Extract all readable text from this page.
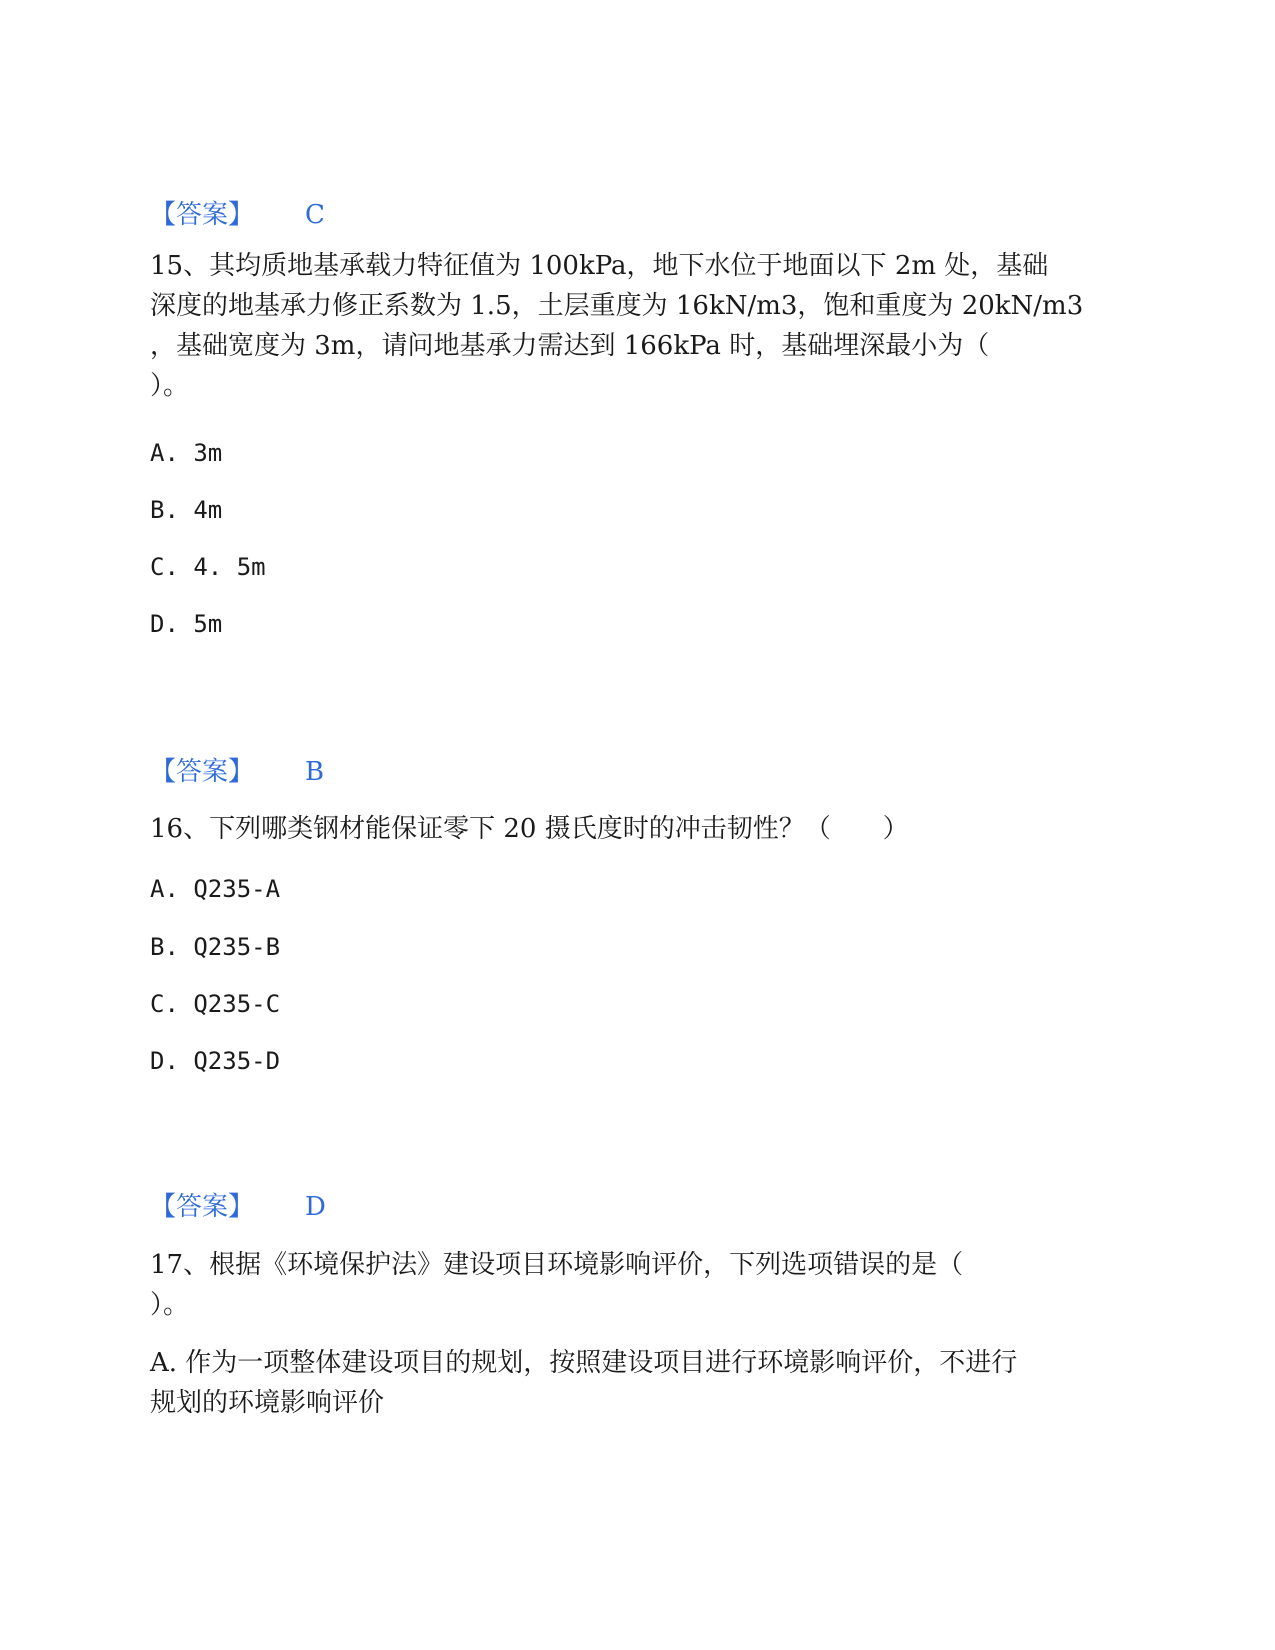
【答案】 C
15、其均质地基承载力特征值为 100kPa，地下水位于地面以下 2m 处，基础
深度的地基承力修正系数为 1.5，土层重度为 16kN/m3，饱和重度为 20kN/m3
，基础宽度为 3m，请问地基承力需达到 166kPa 时，基础埋深最小为（
）。
A. 3m
B. 4m
C. 4. 5m
D. 5m
【答案】 B
16、下列哪类钢材能保证零下 20 摄氏度时的冲击韧性？（　　）
A. Q235-A
B. Q235-B
C. Q235-C
D. Q235-D
【答案】 D
17、根据《环境保护法》建设项目环境影响评价，下列选项错误的是（
）。
A. 作为一项整体建设项目的规划，按照建设项目进行环境影响评价，不进行
规划的环境影响评价
